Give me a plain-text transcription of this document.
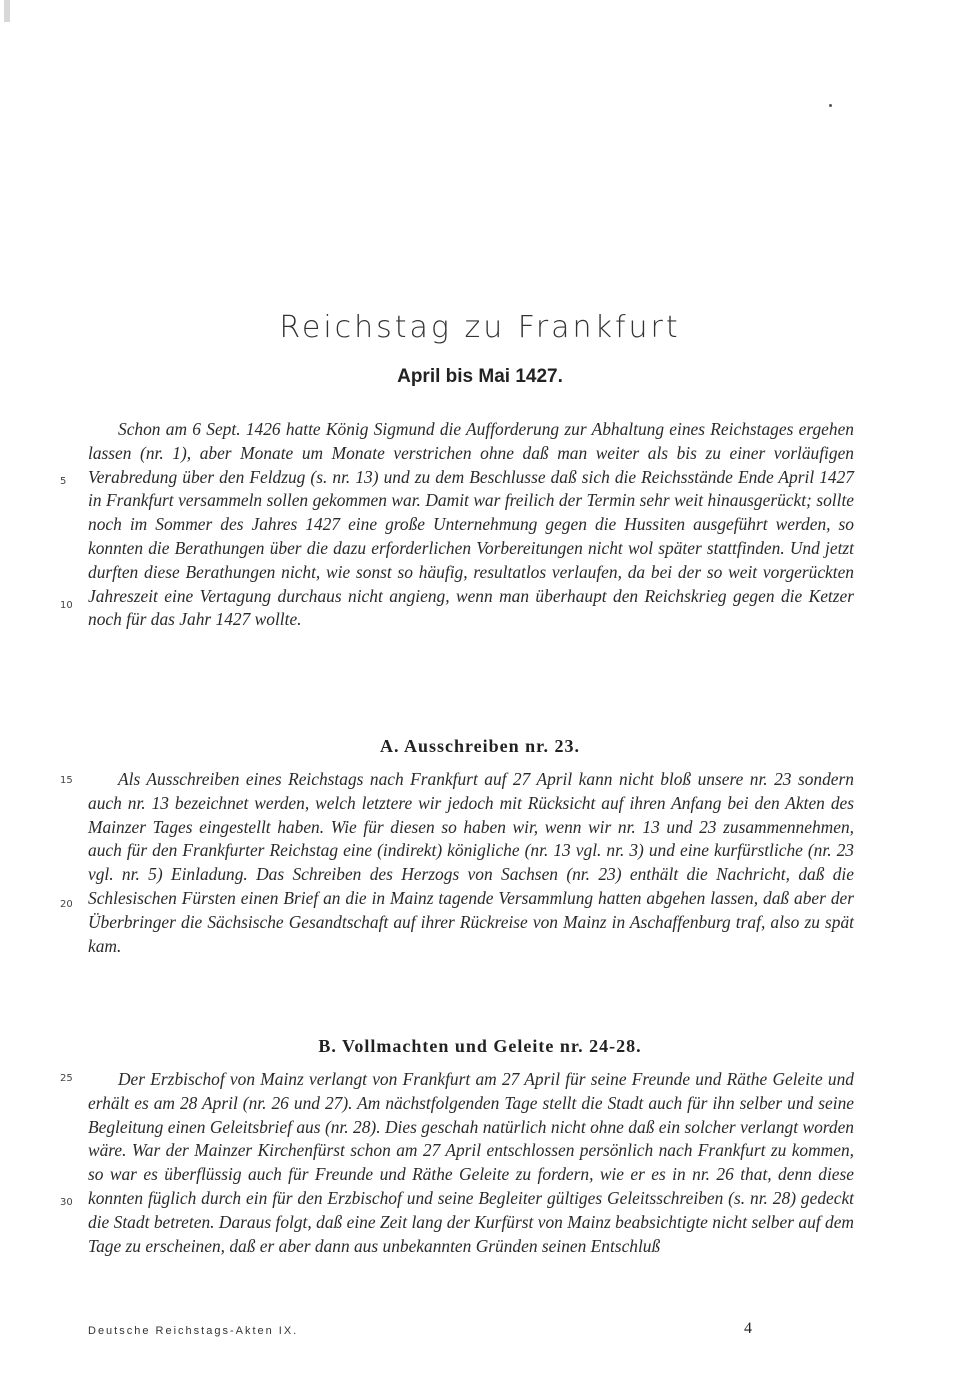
Reichstag zu Frankfurt
April bis Mai 1427.

Schon am 6 Sept. 1426 hatte König Sigmund die Aufforderung zur Abhaltung eines Reichstages ergehen lassen (nr. 1), aber Monate um Monate verstrichen ohne daß man weiter als bis zu einer vorläufigen Verabredung über den Feldzug (s. nr. 13) und zu dem Beschlusse daß sich die Reichsstände Ende April 1427 in Frankfurt versammeln sollen gekommen war. Damit war freilich der Termin sehr weit hinausgerückt; sollte noch im Sommer des Jahres 1427 eine große Unternehmung gegen die Hussiten ausgeführt werden, so konnten die Berathungen über die dazu erforderlichen Vorbereitungen nicht wol später stattfinden. Und jetzt durften diese Berathungen nicht, wie sonst so häufig, resultatlos verlaufen, da bei der so weit vorgerückten Jahreszeit eine Vertagung durchaus nicht angieng, wenn man überhaupt den Reichskrieg gegen die Ketzer noch für das Jahr 1427 wollte.

A. Ausschreiben nr. 23.

Als Ausschreiben eines Reichstags nach Frankfurt auf 27 April kann nicht bloß unsere nr. 23 sondern auch nr. 13 bezeichnet werden, welch letztere wir jedoch mit Rücksicht auf ihren Anfang bei den Akten des Mainzer Tages eingestellt haben. Wie für diesen so haben wir, wenn wir nr. 13 und 23 zusammennehmen, auch für den Frankfurter Reichstag eine (indirekt) königliche (nr. 13 vgl. nr. 3) und eine kurfürstliche (nr. 23 vgl. nr. 5) Einladung. Das Schreiben des Herzogs von Sachsen (nr. 23) enthält die Nachricht, daß die Schlesischen Fürsten einen Brief an die in Mainz tagende Versammlung hatten abgehen lassen, daß aber der Überbringer die Sächsische Gesandtschaft auf ihrer Rückreise von Mainz in Aschaffenburg traf, also zu spät kam.

B. Vollmachten und Geleite nr. 24-28.

Der Erzbischof von Mainz verlangt von Frankfurt am 27 April für seine Freunde und Räthe Geleite und erhält es am 28 April (nr. 26 und 27). Am nächstfolgenden Tage stellt die Stadt auch für ihn selber und seine Begleitung einen Geleitsbrief aus (nr. 28). Dies geschah natürlich nicht ohne daß ein solcher verlangt worden wäre. War der Mainzer Kirchenfürst schon am 27 April entschlossen persönlich nach Frankfurt zu kommen, so war es überflüssig auch für Freunde und Räthe Geleite zu fordern, wie er es in nr. 26 that, denn diese konnten füglich durch ein für den Erzbischof und seine Begleiter gültiges Geleitsschreiben (s. nr. 28) gedeckt die Stadt betreten. Daraus folgt, daß eine Zeit lang der Kurfürst von Mainz beabsichtigte nicht selber auf dem Tage zu erscheinen, daß er aber dann aus unbekannten Gründen seinen Entschluß

5
10
15
20
25
30
Deutsche Reichstags-Akten IX.	4
